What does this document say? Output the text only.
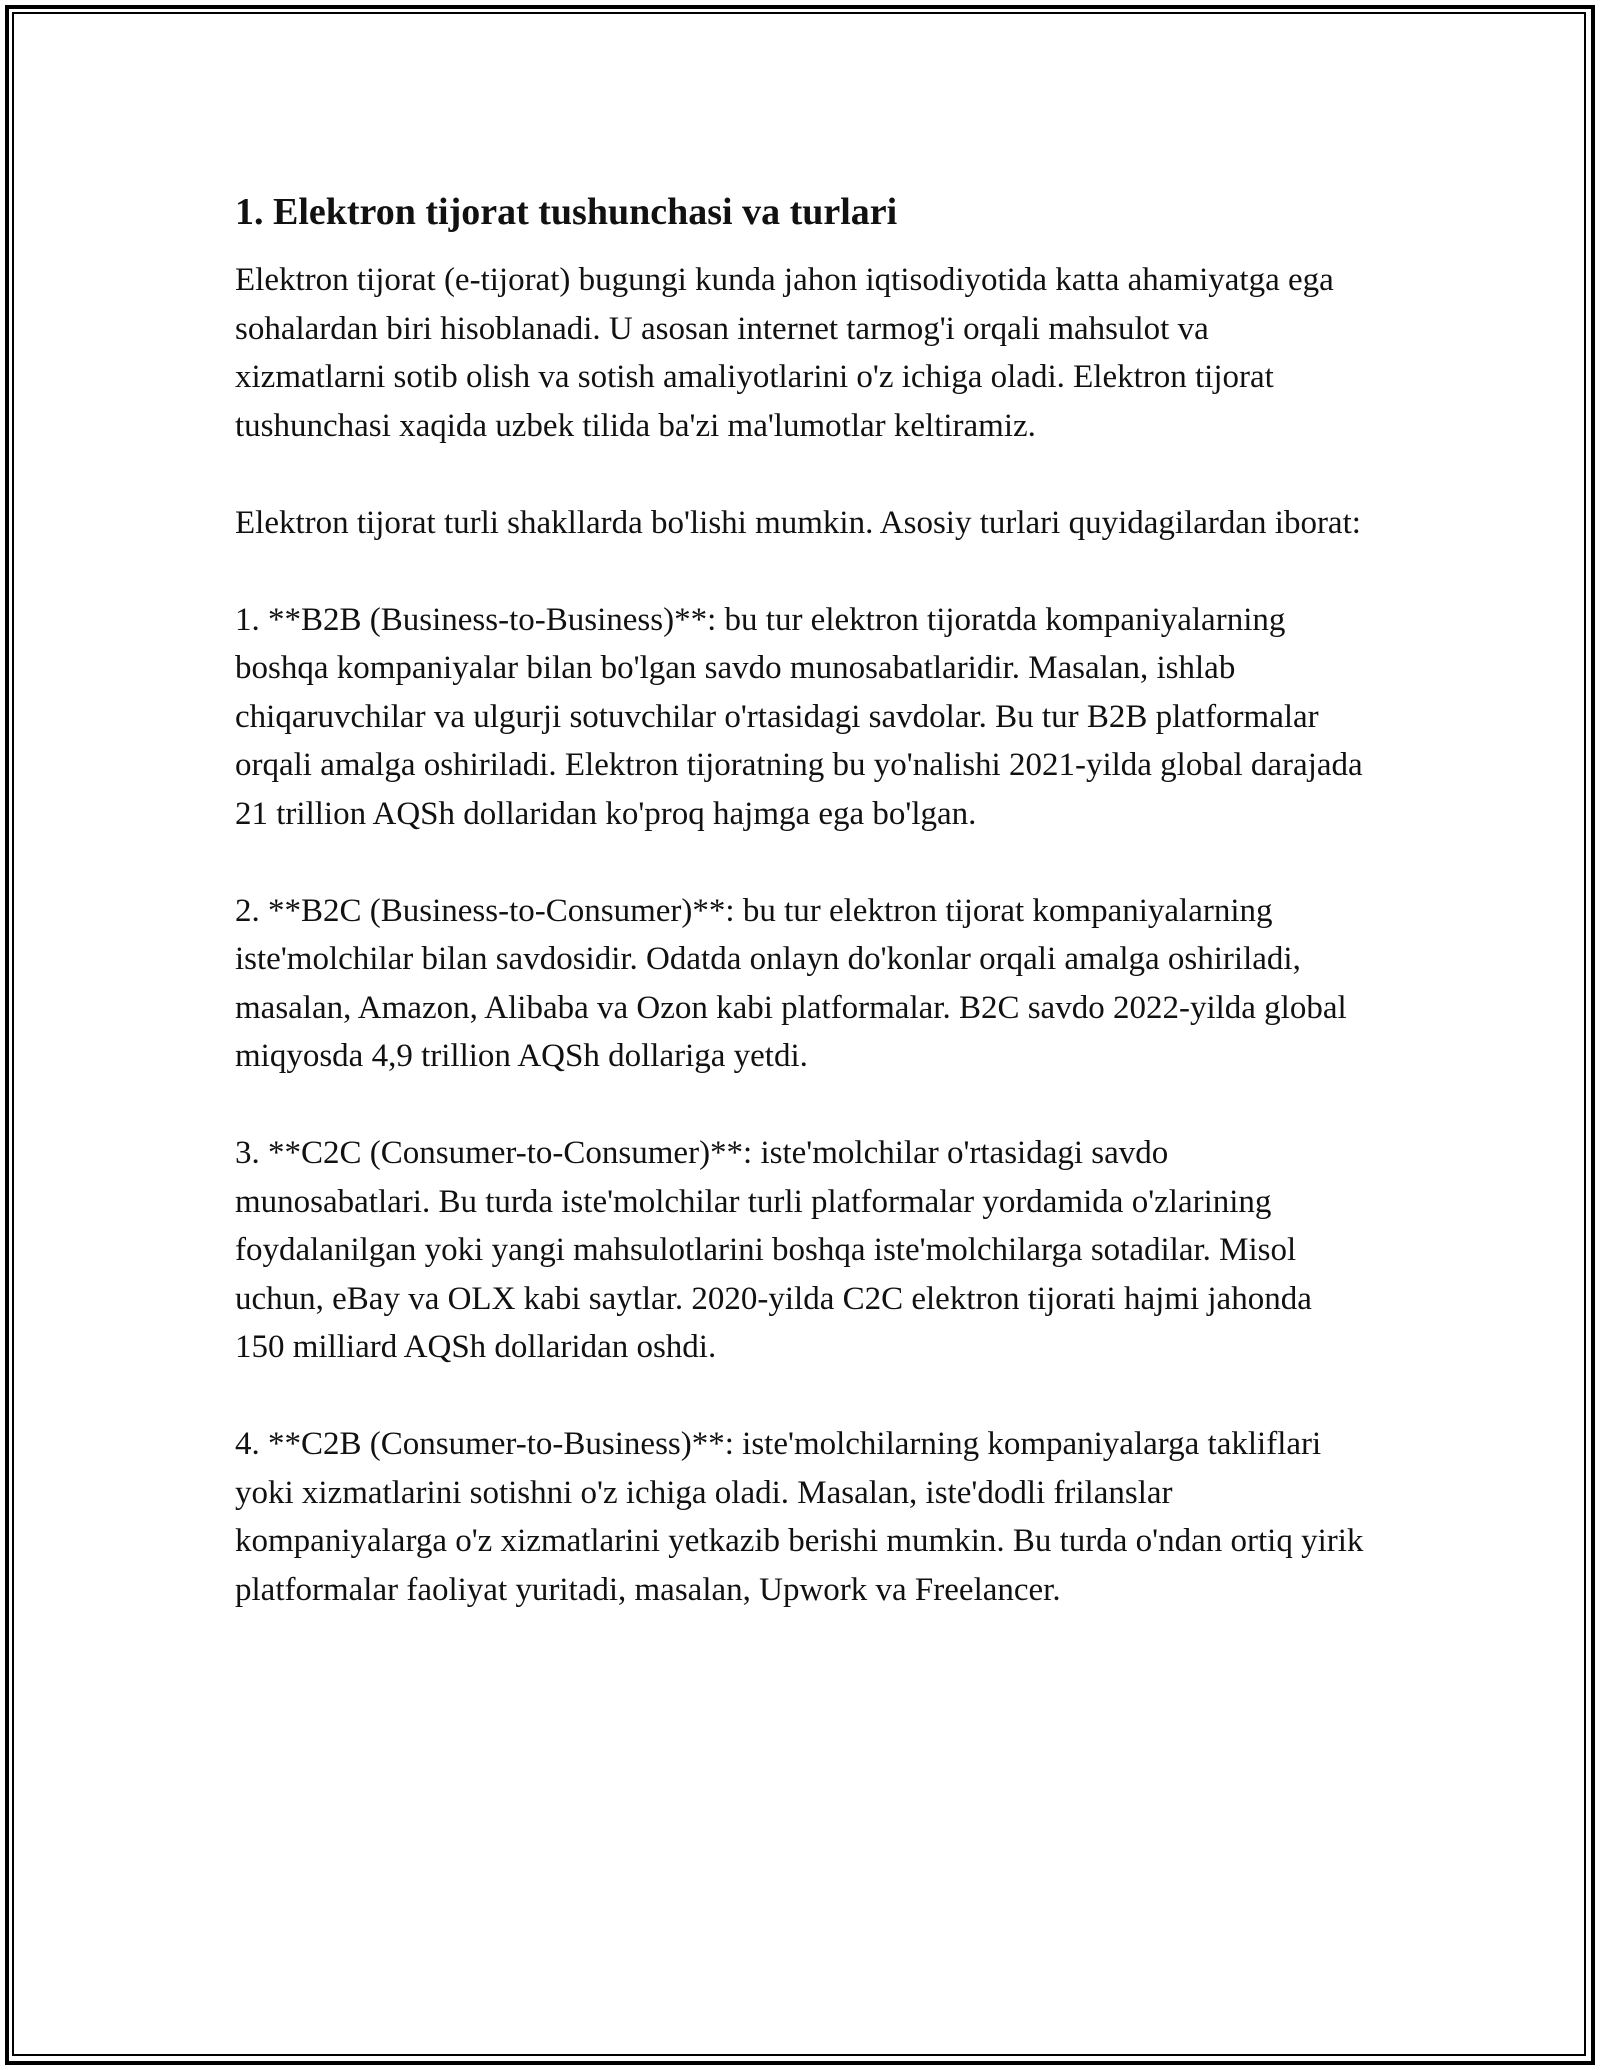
1. Elektron tijorat tushunchasi va turlari

Elektron tijorat (e-tijorat) bugungi kunda jahon iqtisodiyotida katta ahamiyatga ega sohalardan biri hisoblanadi. U asosan internet tarmog'i orqali mahsulot va xizmatlarni sotib olish va sotish amaliyotlarini o'z ichiga oladi. Elektron tijorat tushunchasi xaqida uzbek tilida ba'zi ma'lumotlar keltiramiz.

Elektron tijorat turli shakllarda bo'lishi mumkin. Asosiy turlari quyidagilardan iborat:

1. **B2B (Business-to-Business)**: bu tur elektron tijoratda kompaniyalarning boshqa kompaniyalar bilan bo'lgan savdo munosabatlaridir. Masalan, ishlab chiqaruvchilar va ulgurji sotuvchilar o'rtasidagi savdolar. Bu tur B2B platformalar orqali amalga oshiriladi. Elektron tijoratning bu yo'nalishi 2021-yilda global darajada 21 trillion AQSh dollaridan ko'proq hajmga ega bo'lgan.

2. **B2C (Business-to-Consumer)**: bu tur elektron tijorat kompaniyalarning iste'molchilar bilan savdosidir. Odatda onlayn do'konlar orqali amalga oshiriladi, masalan, Amazon, Alibaba va Ozon kabi platformalar. B2C savdo 2022-yilda global miqyosda 4,9 trillion AQSh dollariga yetdi.

3. **C2C (Consumer-to-Consumer)**: iste'molchilar o'rtasidagi savdo munosabatlari. Bu turda iste'molchilar turli platformalar yordamida o'zlarining foydalanilgan yoki yangi mahsulotlarini boshqa iste'molchilarga sotadilar. Misol uchun, eBay va OLX kabi saytlar. 2020-yilda C2C elektron tijorati hajmi jahonda 150 milliard AQSh dollaridan oshdi.

4. **C2B (Consumer-to-Business)**: iste'molchilarning kompaniyalarga takliflari yoki xizmatlarini sotishni o'z ichiga oladi. Masalan, iste'dodli frilanslar kompaniyalarga o'z xizmatlarini yetkazib berishi mumkin. Bu turda o'ndan ortiq yirik platformalar faoliyat yuritadi, masalan, Upwork va Freelancer.
